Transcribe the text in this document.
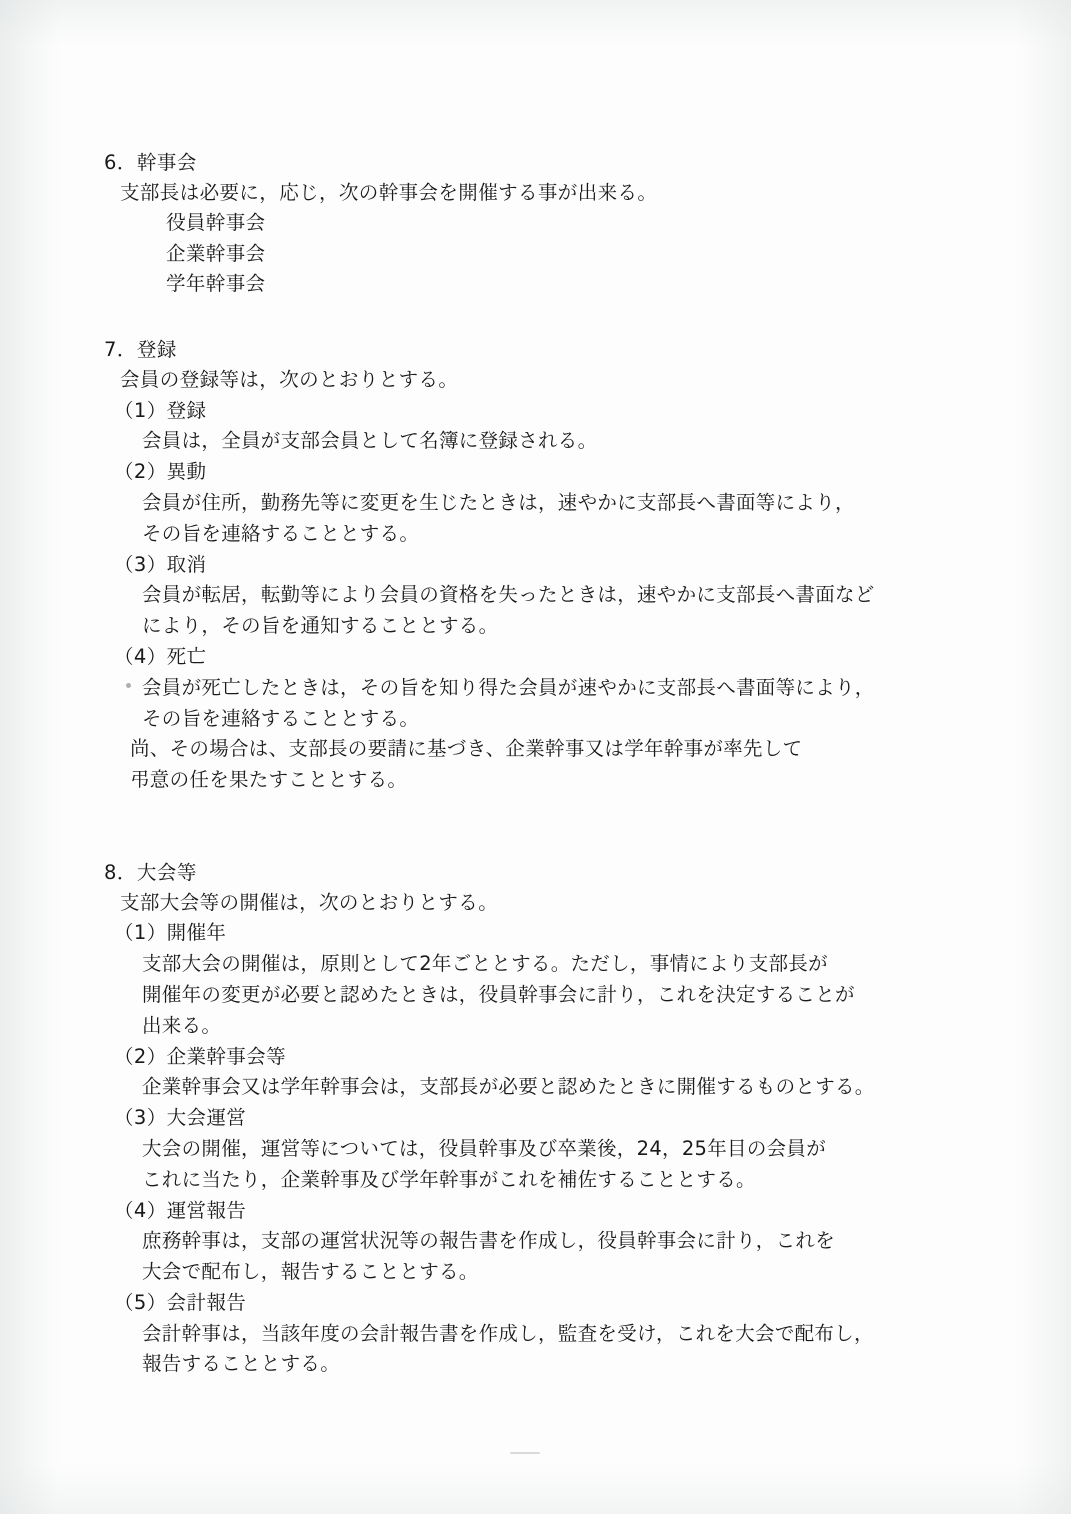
6．幹事会

支部長は必要に，応じ，次の幹事会を開催する事が出来る。

役員幹事会
企業幹事会
学年幹事会

7．登録

会員の登録等は，次のとおりとする。

（1）登録

会員は，全員が支部会員として名簿に登録される。

（2）異動

会員が住所，勤務先等に変更を生じたときは，速やかに支部長へ書面等により，

その旨を連絡することとする。

（3）取消

会員が転居，転勤等により会員の資格を失ったときは，速やかに支部長へ書面など

により，その旨を通知することとする。

（4）死亡

会員が死亡したときは，その旨を知り得た会員が速やかに支部長へ書面等により，

その旨を連絡することとする。

尚、その場合は、支部長の要請に基づき、企業幹事又は学年幹事が率先して

弔意の任を果たすこととする。

8．大会等

支部大会等の開催は，次のとおりとする。

（1）開催年

支部大会の開催は，原則として2年ごととする。ただし，事情により支部長が

開催年の変更が必要と認めたときは，役員幹事会に計り，これを決定することが

出来る。

（2）企業幹事会等

企業幹事会又は学年幹事会は，支部長が必要と認めたときに開催するものとする。

（3）大会運営

大会の開催，運営等については，役員幹事及び卒業後，24，25年目の会員が

これに当たり，企業幹事及び学年幹事がこれを補佐することとする。

（4）運営報告

庶務幹事は，支部の運営状況等の報告書を作成し，役員幹事会に計り，これを

大会で配布し，報告することとする。

（5）会計報告

会計幹事は，当該年度の会計報告書を作成し，監査を受け，これを大会で配布し，

報告することとする。
